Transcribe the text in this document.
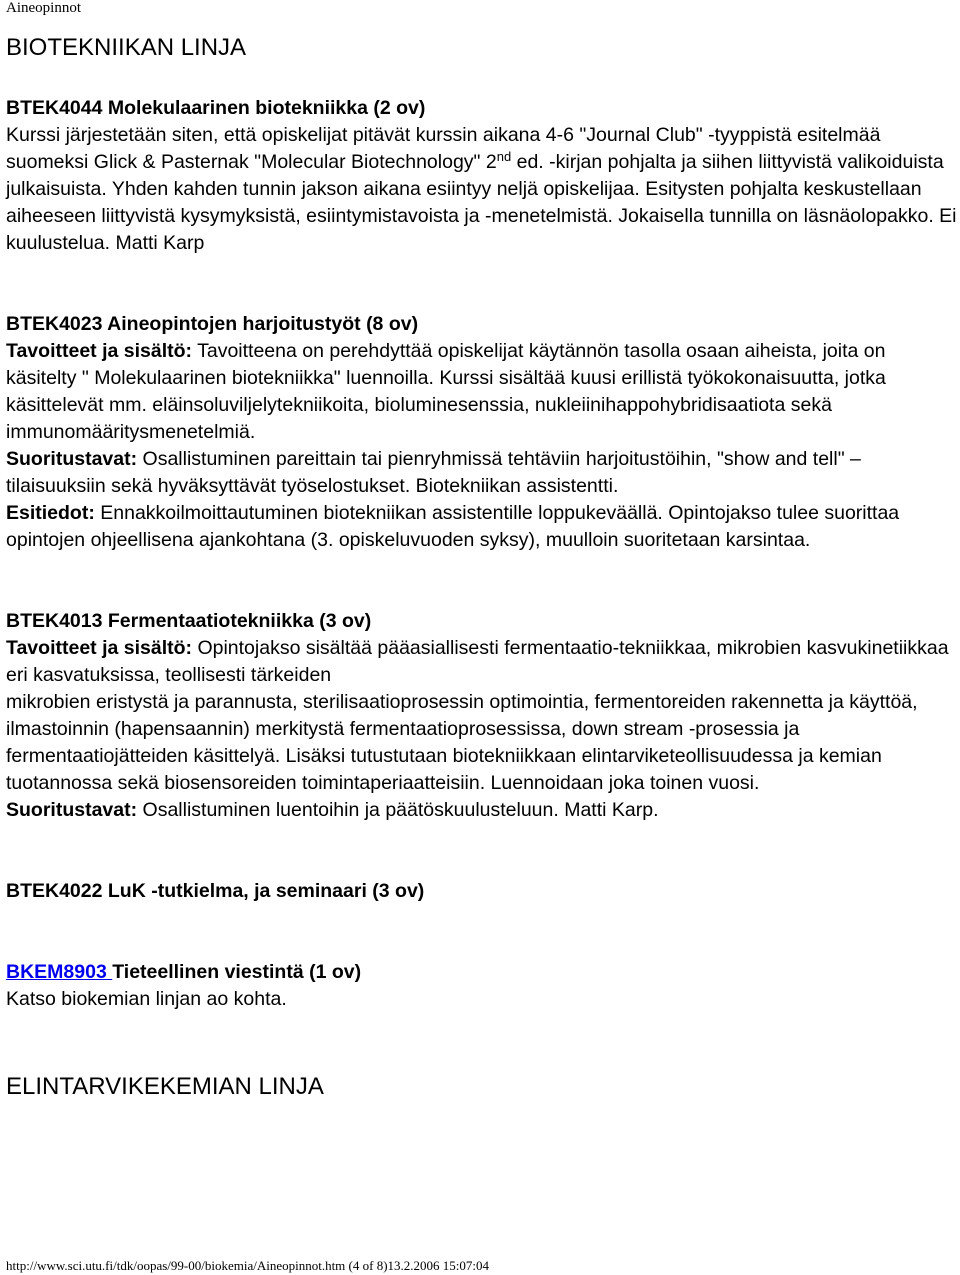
Aineopinnot
BIOTEKNIIKAN LINJA
BTEK4044 Molekulaarinen biotekniikka (2 ov)

Kurssi järjestetään siten, että opiskelijat pitävät kurssin aikana 4-6 "Journal Club" -tyyppistä esitelmää suomeksi Glick & Pasternak "Molecular Biotechnology" 2nd ed. -kirjan pohjalta ja siihen liittyvistä valikoiduista julkaisuista. Yhden kahden tunnin jakson aikana esiintyy neljä opiskelijaa. Esitysten pohjalta keskustellaan aiheeseen liittyvistä kysymyksistä, esiintymistavoista ja -menetelmistä. Jokaisella tunnilla on läsnäolopakko. Ei kuulustelua. Matti Karp

BTEK4023 Aineopintojen harjoitustyöt (8 ov)

Tavoitteet ja sisältö: Tavoitteena on perehdyttää opiskelijat käytännön tasolla osaan aiheista, joita on käsitelty " Molekulaarinen biotekniikka" luennoilla. Kurssi sisältää kuusi erillistä työkokonaisuutta, jotka käsittelevät mm. eläinsoluviljelytekniikoita, bioluminesenssia, nukleiinihappohybridisaatiota sekä immunomääritysmenetelmiä.

Suoritustavat: Osallistuminen pareittain tai pienryhmissä tehtäviin harjoitustöihin, "show and tell" –tilaisuuksiin sekä hyväksyttävät työselostukset. Biotekniikan assistentti.

Esitiedot: Ennakkoilmoittautuminen biotekniikan assistentille loppukeväällä. Opintojakso tulee suorittaa opintojen ohjeellisena ajankohtana (3. opiskeluvuoden syksy), muulloin suoritetaan karsintaa.

BTEK4013 Fermentaatiotekniikka (3 ov)

Tavoitteet ja sisältö: Opintojakso sisältää pääasiallisesti fermentaatio-tekniikkaa, mikrobien kasvukinetiikkaa eri kasvatuksissa, teollisesti tärkeiden

mikrobien eristystä ja parannusta, sterilisaatioprosessin optimointia, fermentoreiden rakennetta ja käyttöä, ilmastoinnin (hapensaannin) merkitystä fermentaatioprosessissa, down stream -prosessia ja fermentaatiojätteiden käsittelyä. Lisäksi tutustutaan biotekniikkaan elintarviketeollisuudessa ja kemian tuotannossa sekä biosensoreiden toimintaperiaatteisiin. Luennoidaan joka toinen vuosi.

Suoritustavat: Osallistuminen luentoihin ja päätöskuulusteluun. Matti Karp.

BTEK4022 LuK -tutkielma, ja seminaari (3 ov)
BKEM8903 Tieteellinen viestintä (1 ov)

Katso biokemian linjan ao kohta.

ELINTARVIKEKEMIAN LINJA
http://www.sci.utu.fi/tdk/oopas/99-00/biokemia/Aineopinnot.htm (4 of 8)13.2.2006 15:07:04
